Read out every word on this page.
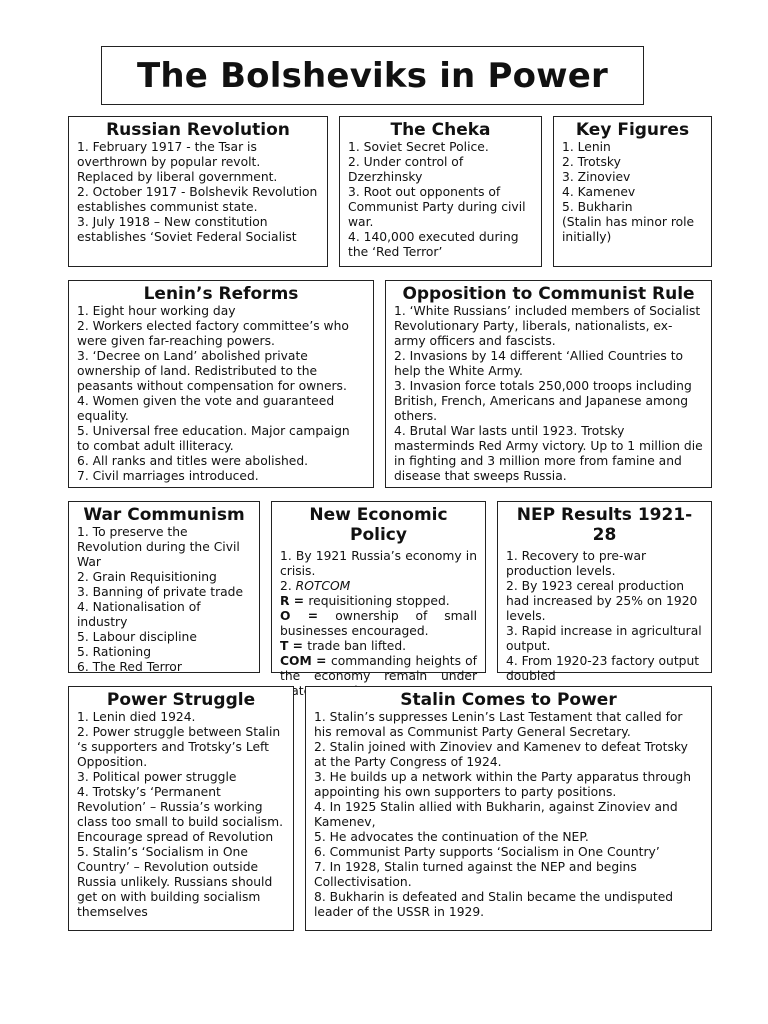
The Bolsheviks in Power
Russian Revolution
1. February 1917 - the Tsar is overthrown by popular revolt. Replaced by liberal government.
2. October 1917 - Bolshevik Revolution establishes communist state.
3. July 1918 – New constitution establishes ‘Soviet Federal Socialist
The Cheka
1. Soviet Secret Police.
2. Under control of Dzerzhinsky
3. Root out opponents of Communist Party during civil war.
4. 140,000 executed during the ‘Red Terror’
Key Figures
1. Lenin
2. Trotsky
3. Zinoviev
4. Kamenev
5. Bukharin
(Stalin has minor role initially)
Lenin’s Reforms
1. Eight hour working day
2. Workers elected factory committee’s who were given far-reaching powers.
3. ‘Decree on Land’ abolished private ownership of land. Redistributed to the peasants without compensation for owners.
4. Women given the vote and guaranteed equality.
5. Universal free education. Major campaign to combat adult illiteracy.
6. All ranks and titles were abolished.
7. Civil marriages introduced.
Opposition to Communist Rule
1. ‘White Russians’ included members of Socialist Revolutionary Party, liberals, nationalists, ex-army officers and fascists.
2. Invasions by 14 different ‘Allied Countries to help the White Army.
3. Invasion force totals 250,000 troops including British, French, Americans and Japanese among others.
4. Brutal War lasts until 1923. Trotsky masterminds Red Army victory. Up to 1 million die in fighting and 3 million more from famine and disease that sweeps Russia.
War Communism
1. To preserve the Revolution during the Civil War
2. Grain Requisitioning
3. Banning of private trade
4. Nationalisation of industry
5. Labour discipline
5. Rationing
6. The Red Terror
New Economic Policy
1. By 1921 Russia’s economy in crisis.
2. ROTCOM
R = requisitioning stopped.
O = ownership of small businesses encouraged.
T = trade ban lifted.
COM = commanding heights of the economy remain under state
NEP Results 1921-28
1. Recovery to pre-war production levels.
2. By 1923 cereal production had increased by 25% on 1920 levels.
3. Rapid increase in agricultural output.
4. From 1920-23 factory output doubled
Power Struggle
1. Lenin died 1924.
2. Power struggle between Stalin ‘s supporters and Trotsky’s Left Opposition.
3. Political power struggle
4. Trotsky’s ‘Permanent Revolution’ – Russia’s working class too small to build socialism. Encourage spread of Revolution
5. Stalin’s ‘Socialism in One Country’ – Revolution outside Russia unlikely. Russians should get on with building socialism themselves
Stalin Comes to Power
1. Stalin’s suppresses Lenin’s Last Testament that called for his removal as Communist Party General Secretary.
2. Stalin joined with Zinoviev and Kamenev to defeat Trotsky at the Party Congress of 1924.
3. He builds up a network within the Party apparatus through appointing his own supporters to party positions.
4. In 1925 Stalin allied with Bukharin, against Zinoviev and Kamenev,
5. He advocates the continuation of the NEP.
6. Communist Party supports ‘Socialism in One Country’
7. In 1928, Stalin turned against the NEP and begins Collectivisation.
8. Bukharin is defeated and Stalin became the undisputed leader of the USSR in 1929.
